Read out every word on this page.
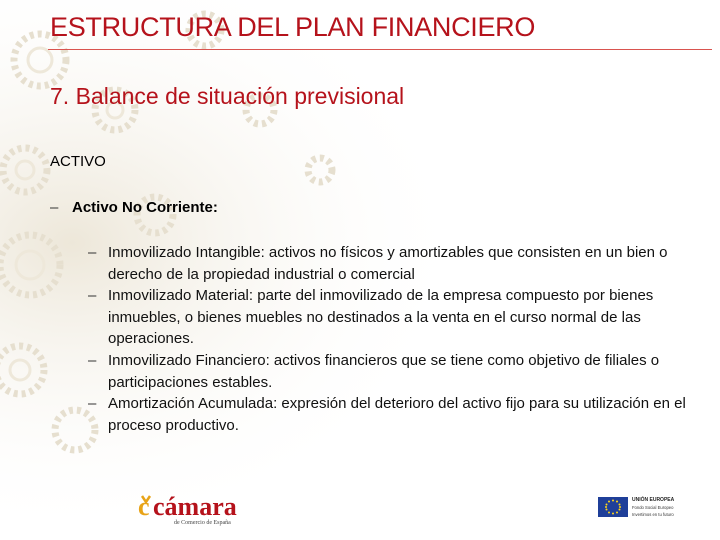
ESTRUCTURA DEL PLAN FINANCIERO
7. Balance de situación previsional
ACTIVO
– Activo No Corriente:
– Inmovilizado Intangible: activos no físicos y amortizables que consisten en un bien o derecho de la propiedad industrial o comercial
– Inmovilizado Material: parte del inmovilizado de la empresa compuesto por bienes inmuebles, o bienes muebles no destinados a la venta en el curso normal de las operaciones.
– Inmovilizado Financiero: activos financieros que se tiene como objetivo de filiales o participaciones estables.
– Amortización Acumulada: expresión del deterioro del activo fijo para su utilización en el proceso productivo.
c cámara
de Comercio de España
UNIÓN EUROPEA
Fondo Social Europeo
Invertimos en tu futuro
